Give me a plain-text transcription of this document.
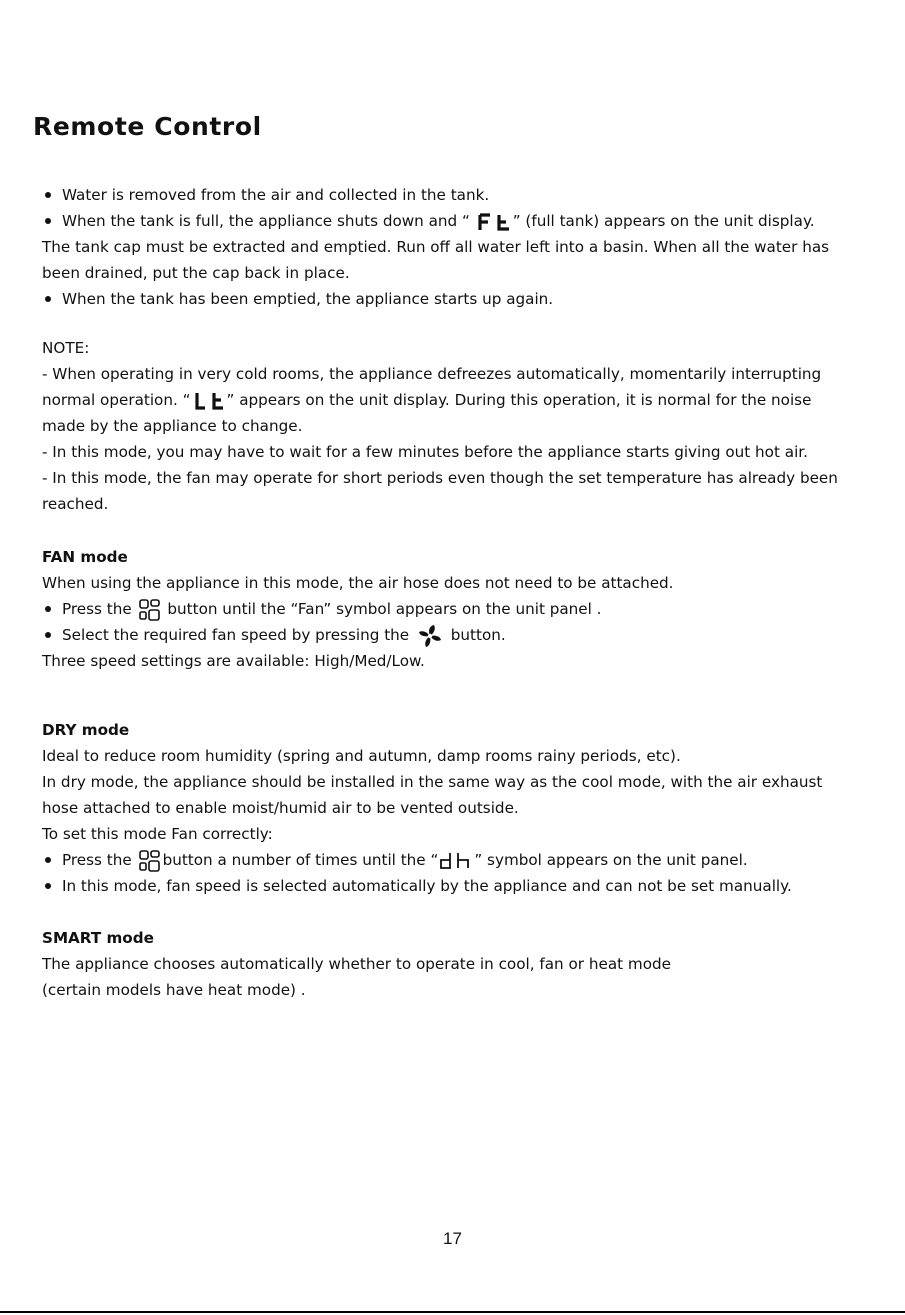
Remote Control
Water is removed from the air and collected in the tank.
When the tank is full, the appliance shuts down and “	” (full tank) appears on the unit display.
The tank cap must be extracted and emptied. Run off all water left into a basin. When all the water has
been drained, put the cap back in place.
When the tank has been emptied, the appliance starts up again.
NOTE:
- When operating in very cold rooms, the appliance defreezes automatically, momentarily interrupting
normal operation. “ ” appears on the unit display. During this operation, it is normal for the noise
made by the appliance to change.
- In this mode, you may have to wait for a few minutes before the appliance starts giving out hot air.
- In this mode, the fan may operate for short periods even though the set temperature has already been
reached.
FAN mode
When using the appliance in this mode, the air hose does not need to be attached.
Press the button until the “Fan” symbol appears on the unit panel .
Select the required fan speed by pressing the	button.
Three speed settings are available: High/Med/Low.
DRY mode
Ideal to reduce room humidity (spring and autumn, damp rooms rainy periods, etc).
In dry mode, the appliance should be installed in the same way as the cool mode, with the air exhaust
hose attached to enable moist/humid air to be vented outside.
To set this mode Fan correctly:
Press the button a number of times until the “ ” symbol appears on the unit panel.
In this mode, fan speed is selected automatically by the appliance and can not be set manually.
SMART mode
The appliance chooses automatically whether to operate in cool, fan or heat mode
(certain models have heat mode) .
17
